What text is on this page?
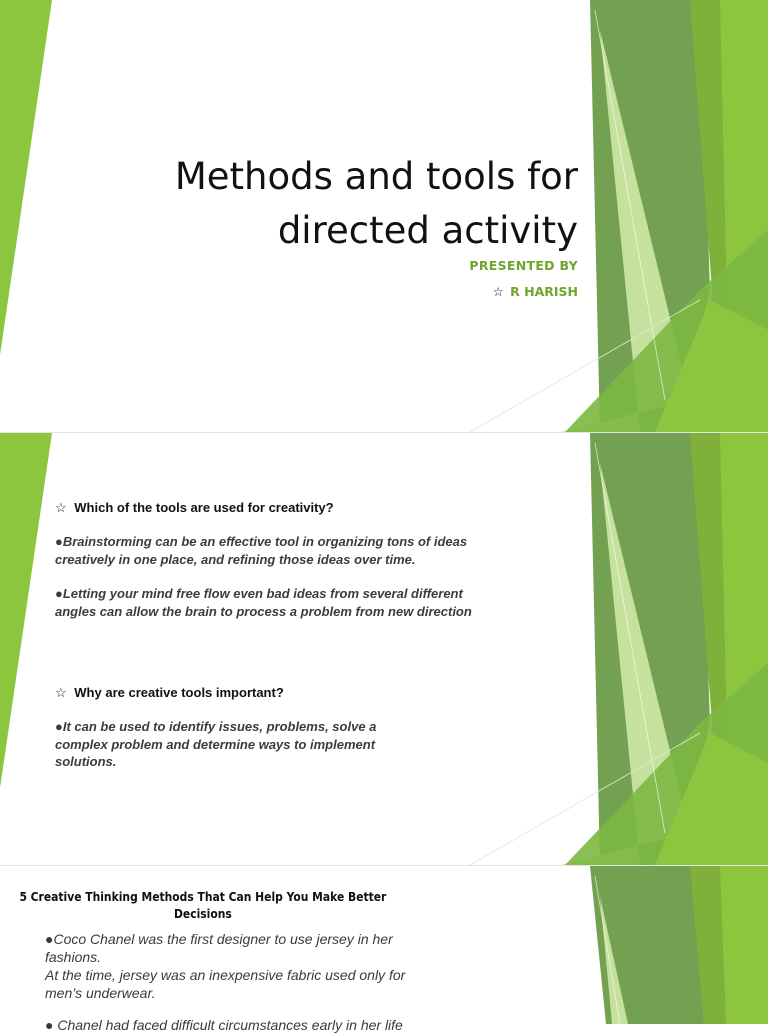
Methods and tools for
directed activity
PRESENTED BY
☆ R HARISH
☆ Which of the tools are used for creativity?
●Brainstorming can be an effective tool in organizing tons of ideas creatively in one place, and refining those ideas over time.
●Letting your mind free flow even bad ideas from several different angles can allow the brain to process a problem from new direction
☆ Why are creative tools important?
●It can be used to identify issues, problems, solve a complex problem and determine ways to implement solutions.
5 Creative Thinking Methods That Can Help You Make Better Decisions
●Coco Chanel was the first designer to use jersey in her fashions.
At the time, jersey was an inexpensive fabric used only for men’s underwear.
● Chanel had faced difficult circumstances early in her life
